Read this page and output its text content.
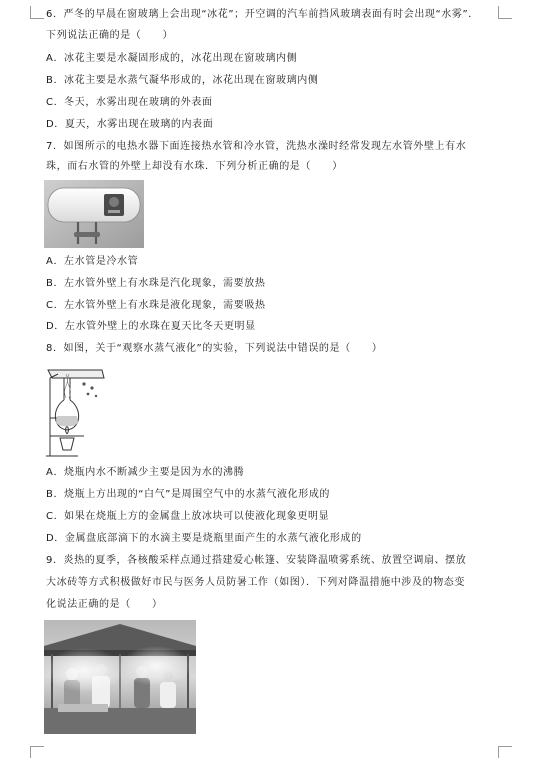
6．严冬的早晨在窗玻璃上会出现“冰花”；开空调的汽车前挡风玻璃表面有时会出现“水雾”．
下列说法正确的是（　　）
A．冰花主要是水凝固形成的，冰花出现在窗玻璃内侧
B．冰花主要是水蒸气凝华形成的，冰花出现在窗玻璃内侧
C．冬天，水雾出现在玻璃的外表面
D．夏天，水雾出现在玻璃的内表面
7．如图所示的电热水器下面连接热水管和冷水管，洗热水澡时经常发现左水管外壁上有水
珠，而右水管的外壁上却没有水珠．下列分析正确的是（　　）
A．左水管是冷水管
B．左水管外壁上有水珠是汽化现象，需要放热
C．左水管外壁上有水珠是液化现象，需要吸热
D．左水管外壁上的水珠在夏天比冬天更明显
8．如图，关于“观察水蒸气液化”的实验，下列说法中错误的是（　　）
A．烧瓶内水不断减少主要是因为水的沸腾
B．烧瓶上方出现的“白气”是周围空气中的水蒸气液化形成的
C．如果在烧瓶上方的金属盘上放冰块可以使液化现象更明显
D．金属盘底部滴下的水滴主要是烧瓶里面产生的水蒸气液化形成的
9．炎热的夏季，各核酸采样点通过搭建爱心帐篷、安装降温喷雾系统、放置空调扇、摆放
大冰砖等方式积极做好市民与医务人员防暑工作（如图）．下列对降温措施中涉及的物态变
化说法正确的是（　　）
